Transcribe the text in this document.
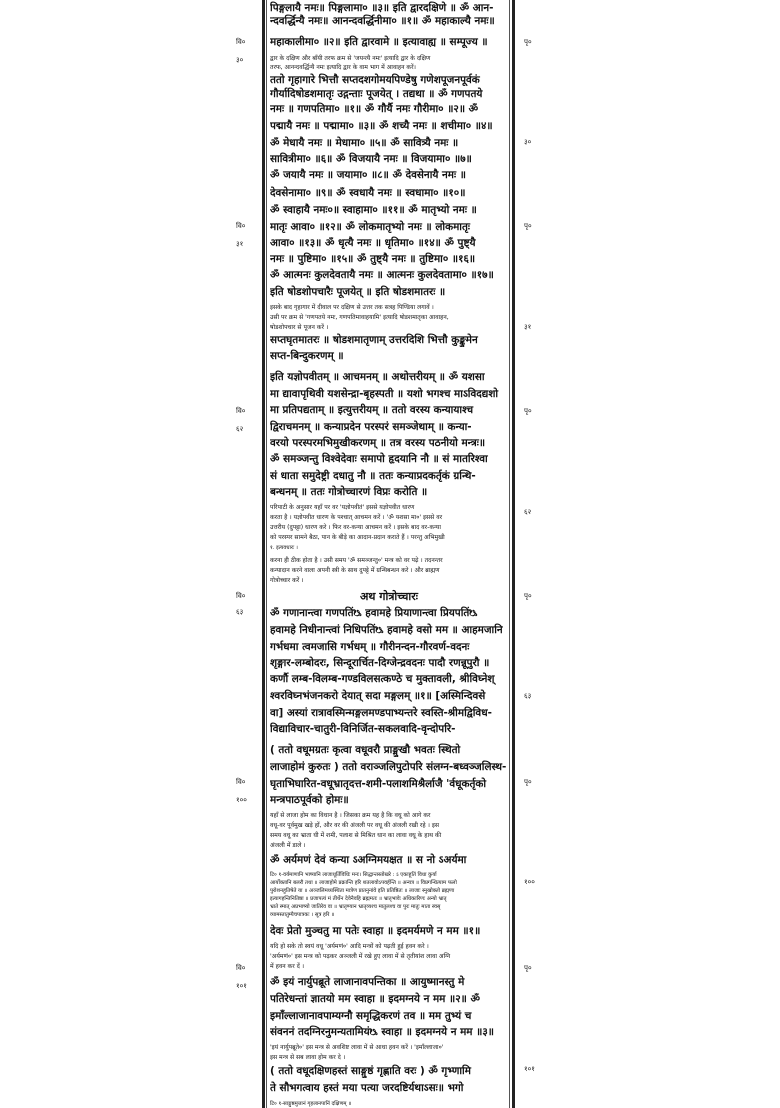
पिङ्गलायै नमः॥ पिङ्गलामा० ॥३॥ इति द्वारदक्षिणे ॥ ॐ आन-
न्दवर्द्धिन्यै नमः॥ आनन्दवर्द्धिनीमा० ॥१॥ ॐ महाकाल्यै नमः॥
महाकालीमा० ॥२॥ इति द्वारवामे ॥ इत्यावाह्य ॥ सम्पूज्य ॥
द्वार के दक्षिण और बाँयी तरफ क्रम से 'जयन्त्यै नमः' इत्यादि द्वार के दक्षिण
तरफ, आनन्दवर्द्धिन्यै नमः इत्यादि द्वार के वाम भाग में आवाहन करें।
ततो गृहागारे भित्तौ सप्तदशगोमयपिण्डेषु गणेशपूजनपूर्वकं
गौर्यादिषोडशमातृः उद्गन्ताः पूजयेत् । तद्यथा ॥ ॐ गणपतये
नमः ॥ गणपतिमा० ॥१॥ ॐ गौर्यै नमः गौरीमा० ॥२॥ ॐ
पद्मायै नमः ॥ पद्मामा० ॥३॥ ॐ शच्यै नमः ॥ शचीमा० ॥४॥
ॐ मेधायै नमः ॥ मेधामा० ॥५॥ ॐ सावित्र्यै नमः ॥
सावित्रीमा० ॥६॥ ॐ विजयायै नमः ॥ विजयामा० ॥७॥
ॐ जयायै नमः ॥ जयामा० ॥८॥ ॐ देवसेनायै नमः ॥
देवसेनामा० ॥९॥ ॐ स्वधायै नमः ॥ स्वधामा० ॥१०॥
ॐ स्वाहायै नमः०॥ स्वाहामा० ॥११॥ ॐ मातृभ्यो नमः ॥
मातृः आवा० ॥१२॥ ॐ लोकमातृभ्यो नमः ॥ लोकमातृः
आवा० ॥१३॥ ॐ धृत्यै नमः ॥ धृतिमा० ॥१४॥ ॐ पुष्ट्यै
नमः ॥ पुष्टिमा० ॥१५॥ ॐ तुष्ट्यै नमः ॥ तुष्टिमा० ॥१६॥
ॐ आत्मनः कुलदेवतायै नमः ॥ आत्मनः कुलदेवतामा० ॥१७॥
इति षोडशोपचारैः पूजयेत् ॥ इति षोडशमातरः ॥
इसके बाद गृहागार में दीवाल पर दक्षिण से उत्तर तक सत्रह पिण्डिया लगावें ।
उसी पर क्रम से 'गणपतये नमः, गणपतिमावाहयामि' इत्यादि षोडशमातृका आवाहन,
षोडशोपचार से पूजन करें ।
सप्तघृतमातरः ॥ षोडशमातृणाम् उत्तरदिशि भित्तौ कुङ्कुमेन
सप्त-बिन्दुकरणम् ॥
इति यज्ञोपवीतम् ॥ आचमनम् ॥ अथोत्तरीयम् ॥ ॐ यशसा
मा द्यावापृथिवी यशसेन्द्रा-बृहस्पती ॥ यशो भगश्च माऽविदद्यशो
मा प्रतिपद्यताम् ॥ इत्युत्तरीयम् ॥ ततो वरस्य कन्यायाश्च
द्विराचमनम् ॥ कन्याप्रदेन परस्परं समञ्जेथाम् ॥ कन्या-
वरयो परस्परमभिमुखीकरणम् ॥ तत्र वरस्य पठनीयो मन्त्रः॥
ॐ समञ्जन्तु विश्वेदेवाः समापो हृदयानि नौ ॥ सं मातरिश्वा
सं धाता समुदेष्ट्री दधातु नौ ॥ ततः कन्याप्रदकर्तृकं ग्रन्थि-
बन्धनम् ॥ ततः गोत्रोच्चारणं विप्रः करोति ॥
परिपाटी के अनुसार यहाँ पर वर 'यज्ञोपवीतं' इससे यज्ञोपवीत धारण
करता है । यज्ञोपवीत धारण के पश्चात् आचमन करें । 'ॐ यशसा मा०' इससे वर
उत्तरीय (दुपट्टा) धारण करे । फिर वर-कन्या आचमन करें । इसके बाद वर-कन्या
को परस्पर सामने बैठा, पान के बीड़े का आदान-प्रदान कराते हैं । परन्तु अभिमुखी
१. इत्यवधारः ।
करना ही ठीक होता है । उसी समय 'ॐ समञ्जन्तु०' मन्त्र को वर पढ़े । तदनन्तर
कन्यादान करने वाला अपनी स्त्री के साथ दुपट्टे में ग्रन्थिबन्धन करे । और ब्राह्मण
गोत्रोच्चार करें ।
अथ गोत्रोच्चारः
ॐ गणानान्त्वा गणपतिंᳬ हवामहे प्रियाणान्त्वा प्रियपतिंᳬ
हवामहे निधीनान्त्वां निधिपतिंᳬ हवामहे वसो मम ॥ आहमजानि
गर्भधमा त्वमजासि गर्भधम् ॥ गौरीनन्दन-गौरवर्ण-वदनः
श‍ृङ्गार-लम्बोदरः, सिन्दूरार्चित-दिग्जेन्द्रवदनः पादौ रणन्नूपुरौ ॥
कर्णौ लम्ब-विलम्ब-गण्डविलसत्कण्ठे च मुक्तावली, श्रीविघ्नेश्
श्वरविघ्नभंजनकरो देयात् सदा मङ्गलम् ॥१॥ [अस्मिन्दिवसे
वा] अस्यां रात्रावस्मिन्मङ्गलमण्डपाभ्यन्तरे स्वस्ति-श्रीमद्विविध-
विद्याविचार-चातुरी-विनिर्जित-सकलवादि-वृन्दोपरि-
( ततो वधूमग्रतः कृत्वा वधूवरौ प्राङ्मुखौ भवतः स्थितो
लाजाहोमं कुरुतः ) ततो वराञ्जलिपुटोपरि संलग्न-बध्वञ्जलिस्थ-
घृताभिघारित-वधूभ्रातृदत्त-शमी-पलाशमिश्रैर्लाजै 'र्वधूकर्तृको
मन्त्रपाठपूर्वको होमः॥
यहाँ से लाजा होम का विधान है । जिसका क्रम यह है कि वधू को आगे कर
वधू-वर पूर्वमुख खड़े हों, और वर की अंजली पर वधू की अंजली रखी रहे । इस
समय वधू का भ्राता घी में शमी, पलाश से मिश्रित धान का लावा वधू के हाथ की
अंजली में डाले ।
ॐ अर्यमणं देवं कन्या ऽअग्निमयक्षत ॥ स नो ऽअर्यमा
टि० १-वर्यमाणानि भाष्यानि लाजाधूर्तिविधिः मनः। सिद्धान्तस्तोखरे : ऽ एकाहूतिं विधा कुर्या
आर्योक्तानि बलरौ तथा ॥ लाजाहोमे प्रक्रान्ति हरि शतलावोऽपवर्हन्ति ॥ अन्यत्र ॥ विप्रगन्धित्याम फलो
पुरोशनहुतिषेते या ॥ अञ्जलिमध्यस्थिता मात्रेण प्रातनुनांवे इति प्रतिष्ठितः ॥ लाजाः स्नुखोक्तो ब्रह्मणा
इत्यागहन्तिनितिष्ठा ॥ प्रजापत्यं मं तीर्थेन देवेनैवहि ब्रह्ममतः ॥ भ्रातृभावेः अधिकारिणः अन्यो भ्रातृ
भ्राते स्मात् अप्रभाष्यो जातिरेव वा ॥ भ्रातृण्यान भ्रातृव्यश्च मातुलश्च वा पुरः मातुः माता स्वसृ
व्यामस्तातुम्यैचपात्रकः । सूत्र हरि ॥
देवः प्रेतो मुञ्चतु मा पतेः स्वाहा ॥ इदमर्यमणे न मम ॥१॥
यदि हो सके तो स्वयं वधू 'अर्यमणं०' आदि मन्त्रों को पढ़ती हुई हवन करे ।
'अर्यमणं०' इस मन्त्र को पढ़कर अञ्जली में रखे हुए लावा में से तृतीयांश लावा अग्नि
में हवन कर दें ।
ॐ इयं नार्युपब्रूते लाजानावपन्तिका ॥ आयुष्मानस्तु मे
पतिरेधन्तां ज्ञातयो मम स्वाहा ॥ इदमग्नये न मम ॥२॥ ॐ
इमाँल्लाजानावपाम्यग्नौ समृद्धिकरणं तव ॥ मम तुभ्यं च
संवननं तदग्निरनुमन्यतामियंᳬ स्वाहा ॥ इदमग्नये न मम ॥३॥
'इयं नार्युपब्रूते०' इस मन्त्र से अवशिष्ट लावा में से आधा हवन करें । 'इमाँल्लाजा०'
इस मन्त्र से सब लावा होम कर दे ।
( ततो वधूदक्षिणहस्तं साङ्गुष्ठं गृह्णाति वरः ) ॐ गृभ्णामि
ते सौभगत्वाय हस्तं मया पत्या जरदष्टिर्यथाऽसः॥ भगो
टि० १-साङ्गुष्ठमुत्तानं गृहलानपानिं दक्षिणम् ॥
वि०
३०
पृ०
३०
वि०
३१
पृ०
३१
वि०
६२
पृ०
६२
वि०
६३
पृ०
६३
वि०
१००
पृ०
१००
वि०
१०१
पृ०
१०१
